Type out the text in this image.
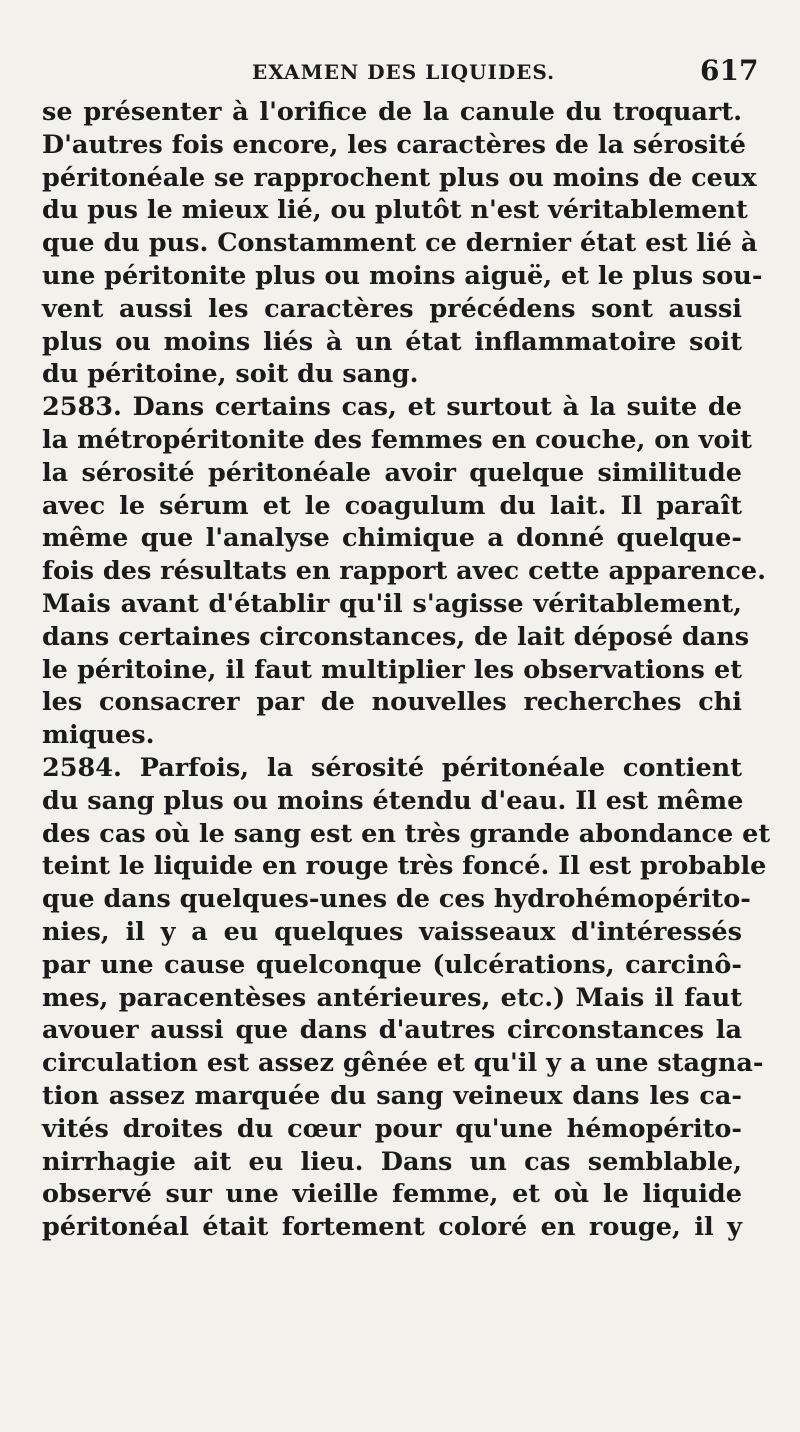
EXAMEN DES LIQUIDES.	617
se présenter à l'orifice de la canule du troquart.
D'autres fois encore, les caractères de la sérosité
péritonéale se rapprochent plus ou moins de ceux
du pus le mieux lié, ou plutôt n'est véritablement
que du pus. Constamment ce dernier état est lié à
une péritonite plus ou moins aiguë, et le plus sou-
vent aussi les caractères précédens sont aussi
plus ou moins liés à un état inflammatoire soit
du péritoine, soit du sang.
2583. Dans certains cas, et surtout à la suite de
la métropéritonite des femmes en couche, on voit
la sérosité péritonéale avoir quelque similitude
avec le sérum et le coagulum du lait. Il paraît
même que l'analyse chimique a donné quelque-
fois des résultats en rapport avec cette apparence.
Mais avant d'établir qu'il s'agisse véritablement,
dans certaines circonstances, de lait déposé dans
le péritoine, il faut multiplier les observations et
les consacrer par de nouvelles recherches chi
miques.
2584. Parfois, la sérosité péritonéale contient
du sang plus ou moins étendu d'eau. Il est même
des cas où le sang est en très grande abondance et
teint le liquide en rouge très foncé. Il est probable
que dans quelques-unes de ces hydrohémopérito-
nies, il y a eu quelques vaisseaux d'intéressés
par une cause quelconque (ulcérations, carcinô-
mes, paracentèses antérieures, etc.) Mais il faut
avouer aussi que dans d'autres circonstances la
circulation est assez gênée et qu'il y a une stagna-
tion assez marquée du sang veineux dans les ca-
vités droites du cœur pour qu'une hémopérito-
nirrhagie ait eu lieu. Dans un cas semblable,
observé sur une vieille femme, et où le liquide
péritonéal était fortement coloré en rouge, il y
